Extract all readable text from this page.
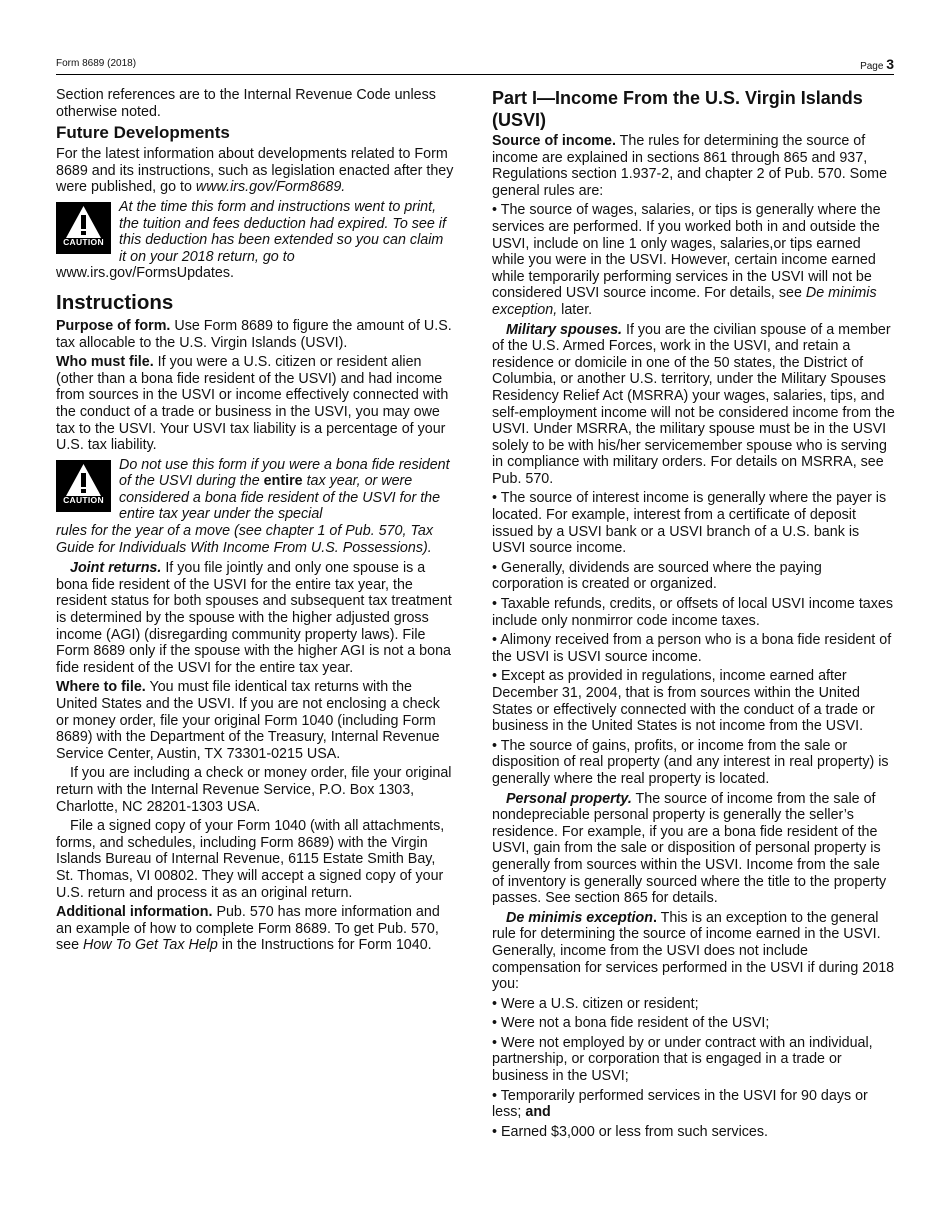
Form 8689 (2018)	Page 3

Section references are to the Internal Revenue Code unless otherwise noted.

Future Developments

For the latest information about developments related to Form 8689 and its instructions, such as legislation enacted after they were published, go to www.irs.gov/Form8689.

CAUTION
At the time this form and instructions went to print, the tuition and fees deduction had expired. To see if this deduction has been extended so you can claim it on your 2018 return, go to

www.irs.gov/FormsUpdates.

Instructions

Purpose of form. Use Form 8689 to figure the amount of U.S. tax allocable to the U.S. Virgin Islands (USVI).

Who must file. If you were a U.S. citizen or resident alien (other than a bona fide resident of the USVI) and had income from sources in the USVI or income effectively connected with the conduct of a trade or business in the USVI, you may owe tax to the USVI. Your USVI tax liability is a percentage of your U.S. tax liability.

CAUTION
Do not use this form if you were a bona fide resident of the USVI during the entire tax year, or were considered a bona fide resident of the USVI for the entire tax year under the special

rules for the year of a move (see chapter 1 of Pub. 570, Tax Guide for Individuals With Income From U.S. Possessions).

Joint returns. If you file jointly and only one spouse is a bona fide resident of the USVI for the entire tax year, the resident status for both spouses and subsequent tax treatment is determined by the spouse with the higher adjusted gross income (AGI) (disregarding community property laws). File Form 8689 only if the spouse with the higher AGI is not a bona fide resident of the USVI for the entire tax year.

Where to file. You must file identical tax returns with the United States and the USVI. If you are not enclosing a check or money order, file your original Form 1040 (including Form 8689) with the Department of the Treasury, Internal Revenue Service Center, Austin, TX 73301-0215 USA.

If you are including a check or money order, file your original return with the Internal Revenue Service, P.O. Box 1303, Charlotte, NC 28201-1303 USA.

File a signed copy of your Form 1040 (with all attachments, forms, and schedules, including Form 8689) with the Virgin Islands Bureau of Internal Revenue, 6115 Estate Smith Bay, St. Thomas, VI 00802. They will accept a signed copy of your U.S. return and process it as an original return.

Additional information. Pub. 570 has more information and an example of how to complete Form 8689. To get Pub. 570, see How To Get Tax Help in the Instructions for Form 1040.

Part I—Income From the U.S. Virgin Islands (USVI)

Source of income. The rules for determining the source of income are explained in sections 861 through 865 and 937, Regulations section 1.937-2, and chapter 2 of Pub. 570. Some general rules are:

• The source of wages, salaries, or tips is generally where the services are performed. If you worked both in and outside the USVI, include on line 1 only wages, salaries,or tips earned while you were in the USVI. However, certain income earned while temporarily performing services in the USVI will not be considered USVI source income. For details, see De minimis exception, later.

Military spouses. If you are the civilian spouse of a member of the U.S. Armed Forces, work in the USVI, and retain a residence or domicile in one of the 50 states, the District of Columbia, or another U.S. territory, under the Military Spouses Residency Relief Act (MSRRA) your wages, salaries, tips, and self-employment income will not be considered income from the USVI. Under MSRRA, the military spouse must be in the USVI solely to be with his/her servicemember spouse who is serving in compliance with military orders. For details on MSRRA, see Pub. 570.

• The source of interest income is generally where the payer is located. For example, interest from a certificate of deposit issued by a USVI bank or a USVI branch of a U.S. bank is USVI source income.

• Generally, dividends are sourced where the paying corporation is created or organized.

• Taxable refunds, credits, or offsets of local USVI income taxes include only nonmirror code income taxes.

• Alimony received from a person who is a bona fide resident of the USVI is USVI source income.

• Except as provided in regulations, income earned after December 31, 2004, that is from sources within the United States or effectively connected with the conduct of a trade or business in the United States is not income from the USVI.

• The source of gains, profits, or income from the sale or disposition of real property (and any interest in real property) is generally where the real property is located.

Personal property. The source of income from the sale of nondepreciable personal property is generally the seller’s residence. For example, if you are a bona fide resident of the USVI, gain from the sale or disposition of personal property is generally from sources within the USVI. Income from the sale of inventory is generally sourced where the title to the property passes. See section 865 for details.

De minimis exception. This is an exception to the general rule for determining the source of income earned in the USVI. Generally, income from the USVI does not include compensation for services performed in the USVI if during 2018 you:

• Were a U.S. citizen or resident;

• Were not a bona fide resident of the USVI;

• Were not employed by or under contract with an individual, partnership, or corporation that is engaged in a trade or business in the USVI;

• Temporarily performed services in the USVI for 90 days or less; and

• Earned $3,000 or less from such services.
